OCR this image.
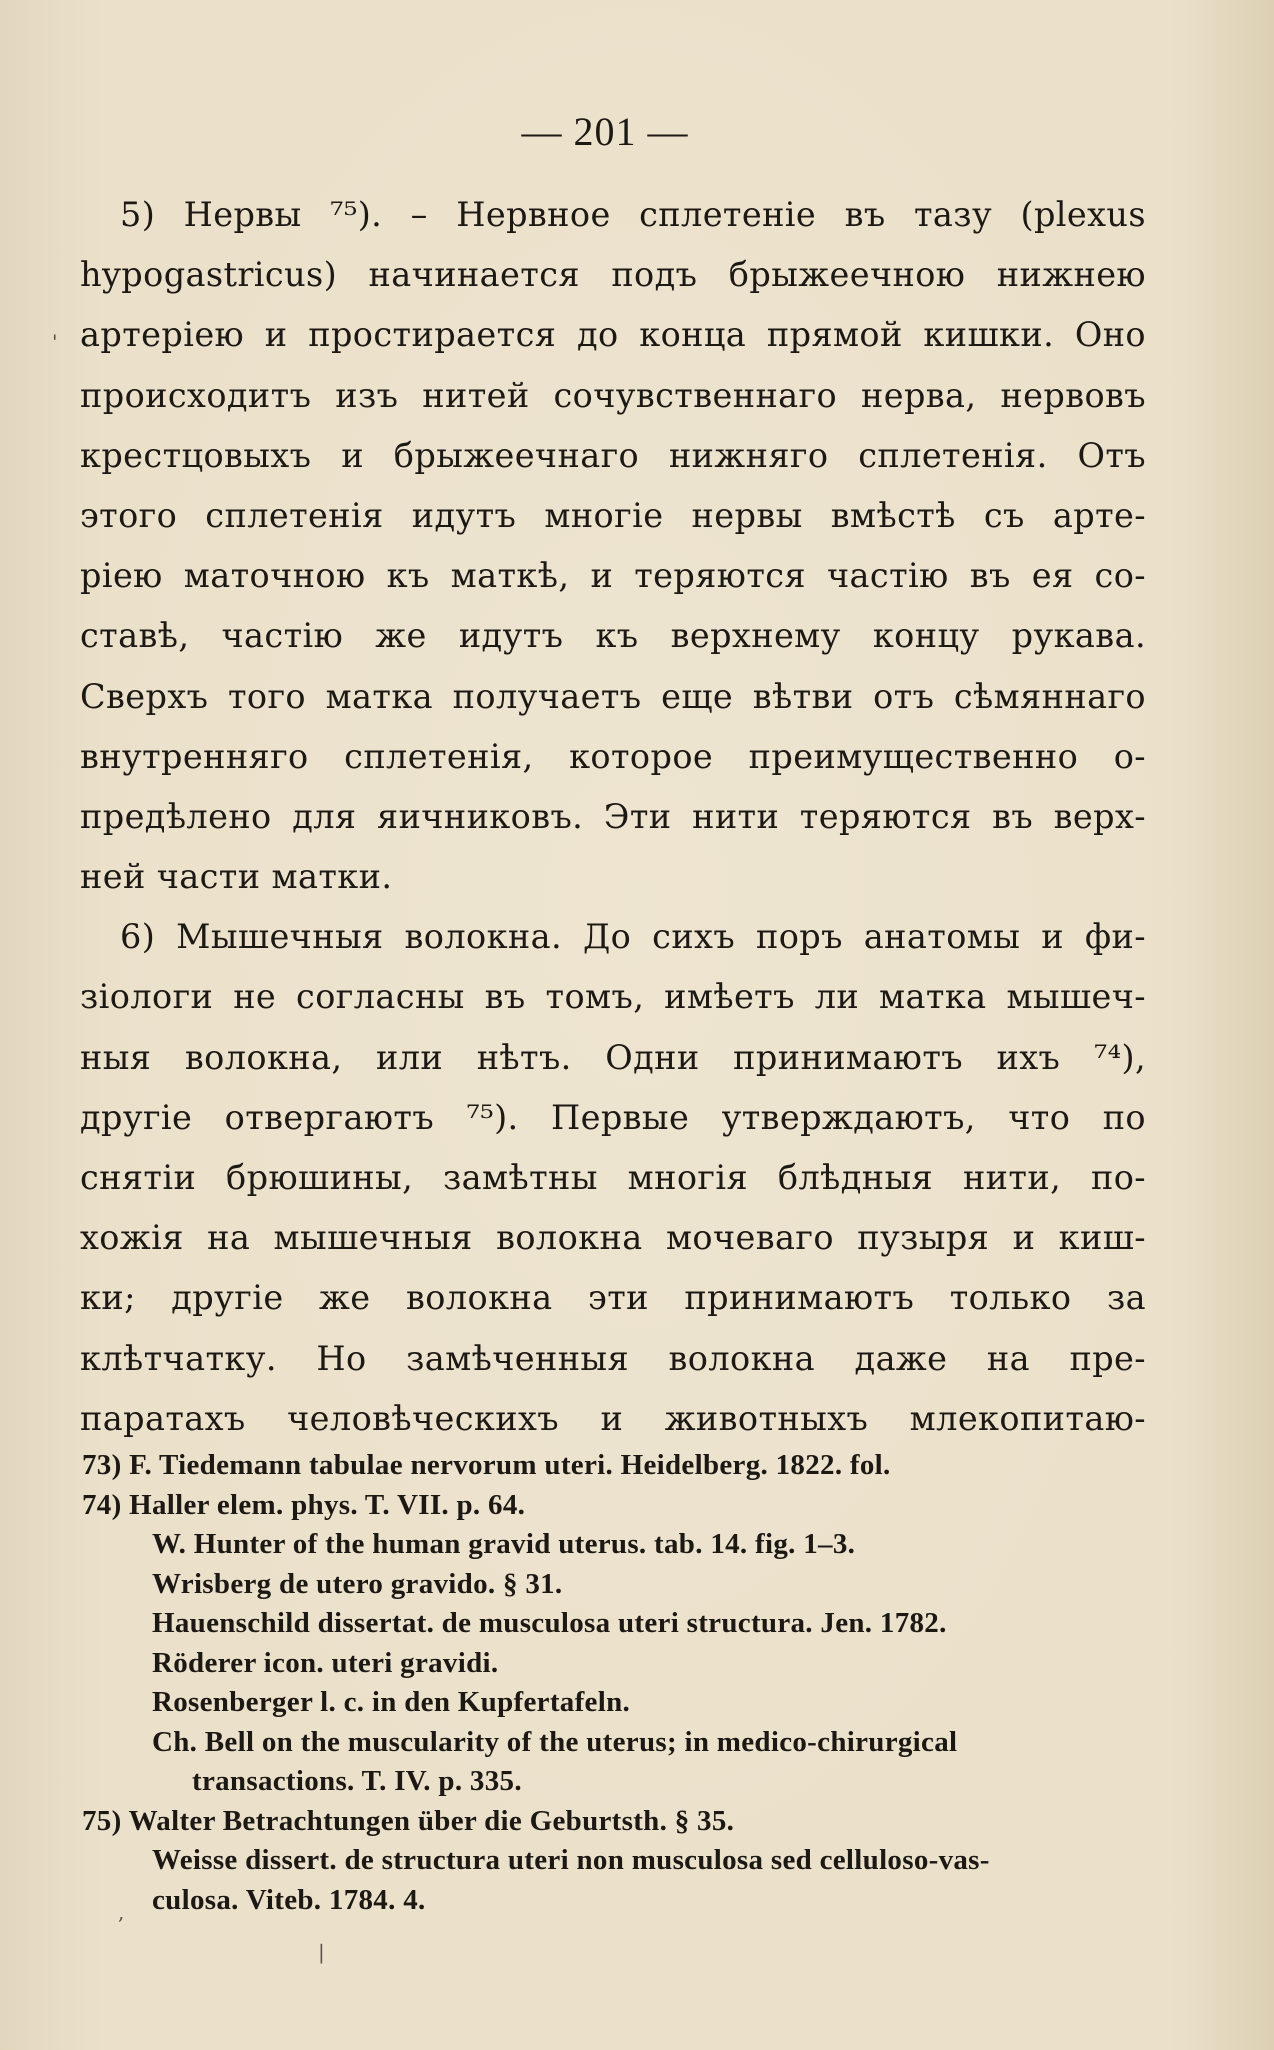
— 201 —
5) Нервы ⁷⁵). – Нервное сплетеніе въ тазу (plexus
hypogastricus) начинается подъ брыжеечною нижнею
артеріею и простирается до конца прямой кишки. Оно
происходитъ изъ нитей сочувственнаго нерва, нервовъ
крестцовыхъ и брыжеечнаго нижняго сплетенія. Отъ
этого сплетенія идутъ многіе нервы вмѣстѣ съ арте-
ріею маточною къ маткѣ, и теряются частію въ ея со-
ставѣ, частію же идутъ къ верхнему концу рукава.
Сверхъ того матка получаетъ еще вѣтви отъ сѣмяннаго
внутренняго сплетенія, которое преимущественно о-
предѣлено для яичниковъ. Эти нити теряются въ верх-
ней части матки.
6) Мышечныя волокна. До сихъ поръ анатомы и фи-
зіологи не согласны въ томъ, имѣетъ ли матка мышеч-
ныя волокна, или нѣтъ. Одни принимаютъ ихъ ⁷⁴),
другіе отвергаютъ ⁷⁵). Первые утверждаютъ, что по
снятіи брюшины, замѣтны многія блѣдныя нити, по-
хожія на мышечныя волокна мочеваго пузыря и киш-
ки; другіе же волокна эти принимаютъ только за
клѣтчатку. Но замѣченныя волокна даже на пре-
паратахъ человѣческихъ и животныхъ млекопитаю-
73) F. Tiedemann tabulae nervorum uteri. Heidelberg. 1822. fol.
74) Haller elem. phys. T. VII. p. 64.
W. Hunter of the human gravid uterus. tab. 14. fig. 1–3.
Wrisberg de utero gravido. § 31.
Hauenschild dissertat. de musculosa uteri structura. Jen. 1782.
Röderer icon. uteri gravidi.
Rosenberger l. c. in den Kupfertafeln.
Ch. Bell on the muscularity of the uterus; in medico-chirurgical
transactions. T. IV. p. 335.
75) Walter Betrachtungen über die Geburtsth. § 35.
Weisse dissert. de structura uteri non musculosa sed celluloso-vas-
culosa. Viteb. 1784. 4.
'
,
|
